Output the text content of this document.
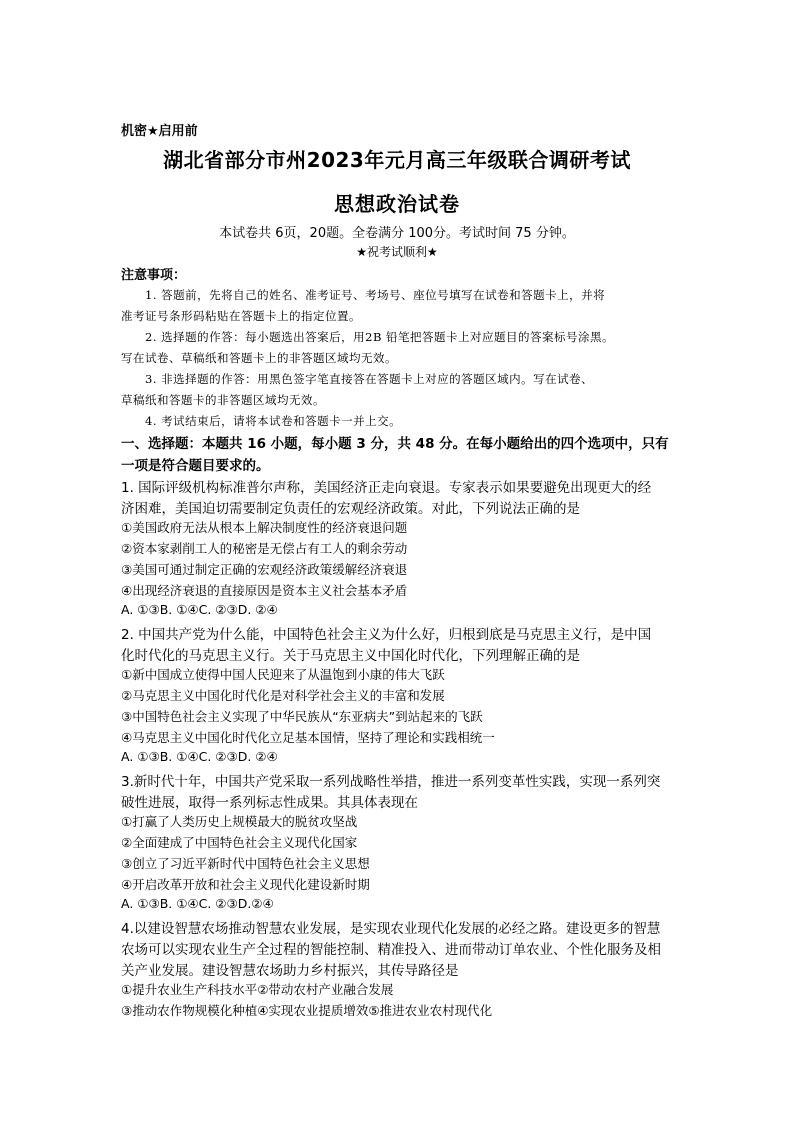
机密★启用前
湖北省部分市州2023年元月高三年级联合调研考试
思想政治试卷
本试卷共 6页，20题。全卷满分 100分。考试时间 75 分钟。
★祝考试顺利★
注意事项：
1. 答题前，先将自己的姓名、准考证号、考场号、座位号填写在试卷和答题卡上，并将
准考证号条形码粘贴在答题卡上的指定位置。
2. 选择题的作答：每小题选出答案后，用2B 铅笔把答题卡上对应题目的答案标号涂黑。
写在试卷、草稿纸和答题卡上的非答题区域均无效。
3. 非选择题的作答：用黑色签字笔直接答在答题卡上对应的答题区域内。写在试卷、
草稿纸和答题卡的非答题区域均无效。
4. 考试结束后，请将本试卷和答题卡一并上交。
一、选择题：本题共 16 小题，每小题 3 分，共 48 分。在每小题给出的四个选项中，只有
一项是符合题目要求的。
1. 国际评级机构标准普尔声称，美国经济正走向衰退。专家表示如果要避免出现更大的经
济困难，美国迫切需要制定负责任的宏观经济政策。对此，下列说法正确的是
①美国政府无法从根本上解决制度性的经济衰退问题
②资本家剥削工人的秘密是无偿占有工人的剩余劳动
③美国可通过制定正确的宏观经济政策缓解经济衰退
④出现经济衰退的直接原因是资本主义社会基本矛盾
A. ①③B. ①④C. ②③D. ②④
2. 中国共产党为什么能，中国特色社会主义为什么好，归根到底是马克思主义行，是中国
化时代化的马克思主义行。关于马克思主义中国化时代化，下列理解正确的是
①新中国成立使得中国人民迎来了从温饱到小康的伟大飞跃
②马克思主义中国化时代化是对科学社会主义的丰富和发展
③中国特色社会主义实现了中华民族从“东亚病夫”到站起来的飞跃
④马克思主义中国化时代化立足基本国情，坚持了理论和实践相统一
A. ①③B. ①④C. ②③D. ②④
3.新时代十年，中国共产党采取一系列战略性举措，推进一系列变革性实践，实现一系列突
破性进展，取得一系列标志性成果。其具体表现在
①打赢了人类历史上规模最大的脱贫攻坚战
②全面建成了中国特色社会主义现代化国家
③创立了习近平新时代中国特色社会主义思想
④开启改革开放和社会主义现代化建设新时期
A. ①③B. ①④C. ②③D.②④
4.以建设智慧农场推动智慧农业发展，是实现农业现代化发展的必经之路。建设更多的智慧
农场可以实现农业生产全过程的智能控制、精准投入、进而带动订单农业、个性化服务及相
关产业发展。建设智慧农场助力乡村振兴，其传导路径是
①提升农业生产科技水平②带动农村产业融合发展
③推动农作物规模化种植④实现农业提质增效⑤推进农业农村现代化
